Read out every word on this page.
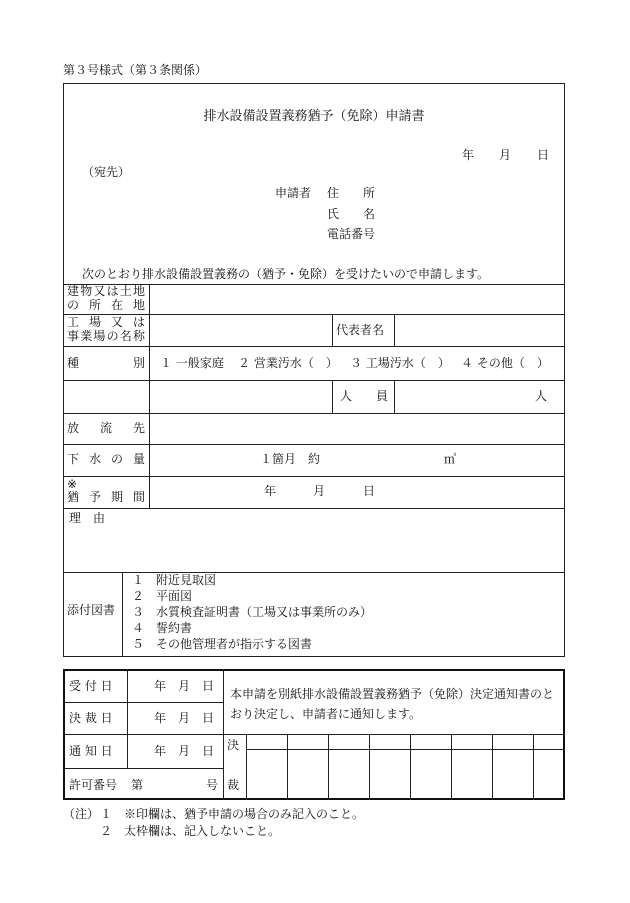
第３号様式（第３条関係）
排水設備設置義務猶予（免除）申請書
年 月 日
（宛先）
申請者 住　　所
氏　　名
電話番号
次のとおり排水設備設置義務の（猶予・免除）を受けたいので申請します。
建物又は土地
の 所 在 地
工 場 又 は
事業場の名称	代表者名
種　　　　別 １ 一般家庭 ２ 営業汚水（　） ３ 工場汚水（　） ４ その他（　）
人　　員	人
放　流　先
下 水 の 量	１箇月　約	㎥
※
猶 予 期 間	年	月	日
理　由
添付図書
１　附近見取図
２　平面図
３　水質検査証明書（工場又は事業所のみ）
４　誓約書
５　その他管理者が指示する図書
受 付 日	年　月　日
決 裁 日	年　月　日
通 知 日	年　月　日
許可番号 第	号
本申請を別紙排水設備設置義務猶予（免除）決定通知書のとおり決定し、申請者に通知します。
決
裁
（注） １　※印欄は、猶予申請の場合のみ記入のこと。
２　太枠欄は、記入しないこと。
